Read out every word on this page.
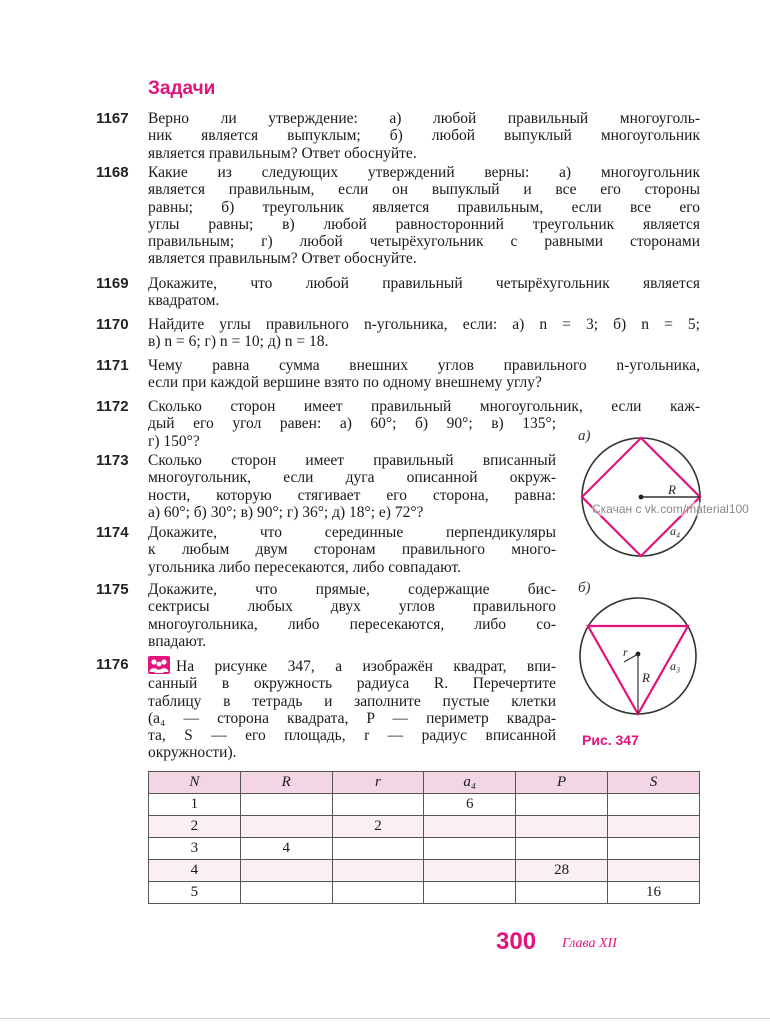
Задачи
1167 Верно ли утверждение: а) любой правильный многоуголь-
ник является выпуклым; б) любой выпуклый многоугольник
является правильным? Ответ обоснуйте.
1168 Какие из следующих утверждений верны: а) многоугольник
является правильным, если он выпуклый и все его стороны
равны; б) треугольник является правильным, если все его
углы равны; в) любой равносторонний треугольник является
правильным; г) любой четырёхугольник с равными сторонами
является правильным? Ответ обоснуйте.
1169 Докажите, что любой правильный четырёхугольник является
квадратом.
1170 Найдите углы правильного n-угольника, если: а) n = 3; б) n = 5;
в) n = 6; г) n = 10; д) n = 18.
1171 Чему равна сумма внешних углов правильного n-угольника,
если при каждой вершине взято по одному внешнему углу?
1172 Сколько сторон имеет правильный многоугольник, если каж-
дый его угол равен: а) 60°; б) 90°; в) 135°;
г) 150°?
1173 Сколько сторон имеет правильный вписанный
многоугольник, если дуга описанной окруж-
ности, которую стягивает его сторона, равна:
а) 60°; б) 30°; в) 90°; г) 36°; д) 18°; е) 72°?
1174 Докажите, что серединные перпендикуляры
к любым двум сторонам правильного много-
угольника либо пересекаются, либо совпадают.
1175 Докажите, что прямые, содержащие бис-
сектрисы любых двух углов правильного
многоугольника, либо пересекаются, либо со-
впадают.
1176	На рисунке 347, а изображён квадрат, впи-
санный в окружность радиуса R. Перечертите
таблицу в тетрадь и заполните пустые клетки
(a₄ — сторона квадрата, P — периметр квадра-
та, S — его площадь, r — радиус вписанной
окружности).
а)
R
a₄
Скачан с vk.com/material100
б)
r
R
a₃
Рис. 347
N	R	r	a₄	P	S
1			6		
2		2			
3	4				
4				28	
5					16
300 Глава XII
